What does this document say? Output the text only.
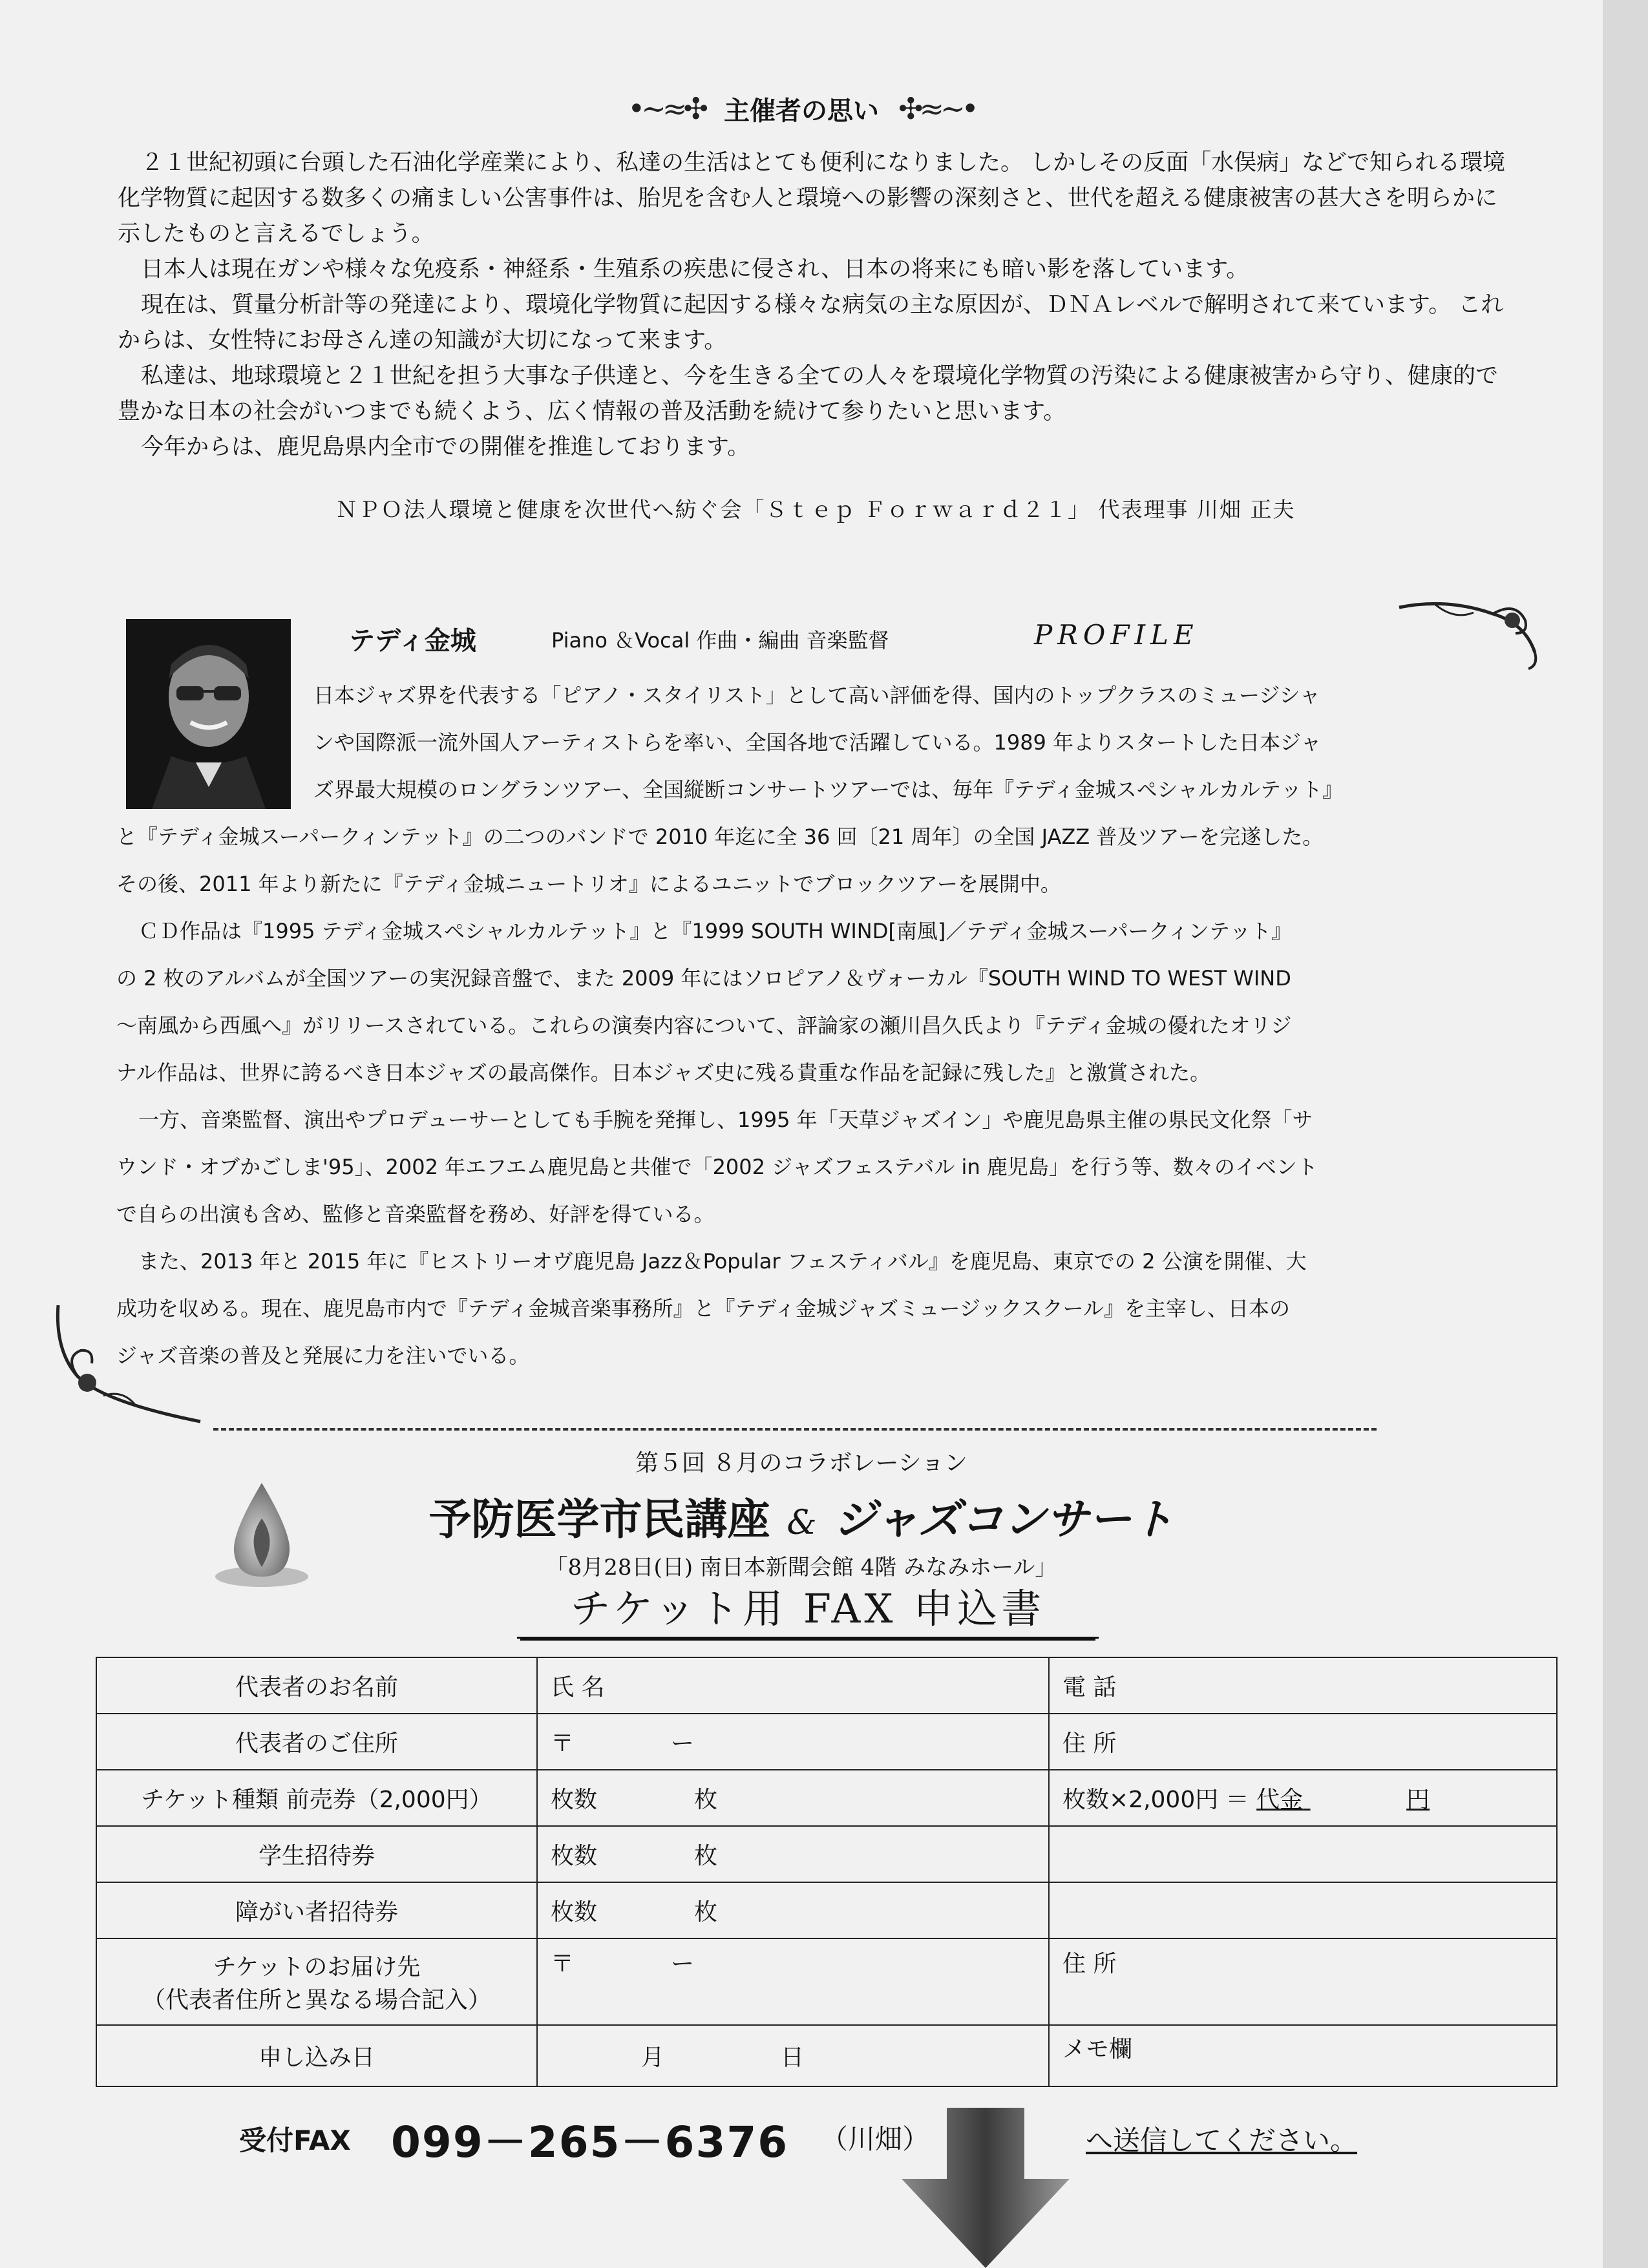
•~≈✣ 主催者の思い ✣≈~•

２１世紀初頭に台頭した石油化学産業により、私達の生活はとても便利になりました。 しかしその反面「水俣病」などで知られる環境化学物質に起因する数多くの痛ましい公害事件は、胎児を含む人と環境への影響の深刻さと、世代を超える健康被害の甚大さを明らかに示したものと言えるでしょう。

日本人は現在ガンや様々な免疫系・神経系・生殖系の疾患に侵され、日本の将来にも暗い影を落しています。

現在は、質量分析計等の発達により、環境化学物質に起因する様々な病気の主な原因が、ＤＮＡレベルで解明されて来ています。 これからは、女性特にお母さん達の知識が大切になって来ます。

私達は、地球環境と２１世紀を担う大事な子供達と、今を生きる全ての人々を環境化学物質の汚染による健康被害から守り、健康的で豊かな日本の社会がいつまでも続くよう、広く情報の普及活動を続けて参りたいと思います。

今年からは、鹿児島県内全市での開催を推進しております。

ＮＰＯ法人環境と健康を次世代へ紡ぐ会「Ｓｔｅｐ Ｆｏｒｗａｒｄ２１」 代表理事 川畑 正夫
テディ金城	Piano ＆Vocal 作曲・編曲 音楽監督	PROFILE

日本ジャズ界を代表する「ピアノ・スタイリスト」として高い評価を得、国内のトップクラスのミュージシャ

ンや国際派一流外国人アーティストらを率い、全国各地で活躍している。1989 年よりスタートした日本ジャ

ズ界最大規模のロングランツアー、全国縦断コンサートツアーでは、毎年『テディ金城スペシャルカルテット』

と『テディ金城スーパークィンテット』の二つのバンドで 2010 年迄に全 36 回〔21 周年〕の全国 JAZZ 普及ツアーを完遂した。

その後、2011 年より新たに『テディ金城ニュートリオ』によるユニットでブロックツアーを展開中。

ＣＤ作品は『1995 テディ金城スペシャルカルテット』と『1999 SOUTH WIND[南風]／テディ金城スーパークィンテット』

の 2 枚のアルバムが全国ツアーの実況録音盤で、また 2009 年にはソロピアノ＆ヴォーカル『SOUTH WIND TO WEST WIND

～南風から西風へ』がリリースされている。これらの演奏内容について、評論家の瀬川昌久氏より『テディ金城の優れたオリジ

ナル作品は、世界に誇るべき日本ジャズの最高傑作。日本ジャズ史に残る貴重な作品を記録に残した』と激賞された。

一方、音楽監督、演出やプロデューサーとしても手腕を発揮し、1995 年「天草ジャズイン」や鹿児島県主催の県民文化祭「サ

ウンド・オブかごしま'95」、2002 年エフエム鹿児島と共催で「2002 ジャズフェステバル in 鹿児島」を行う等、数々のイベント

で自らの出演も含め、監修と音楽監督を務め、好評を得ている。

また、2013 年と 2015 年に『ヒストリーオヴ鹿児島 Jazz＆Popular フェスティバル』を鹿児島、東京での 2 公演を開催、大

成功を収める。現在、鹿児島市内で『テディ金城音楽事務所』と『テディ金城ジャズミュージックスクール』を主宰し、日本の

ジャズ音楽の普及と発展に力を注いでいる。

第５回 ８月のコラボレーション
予防医学市民講座 & ジャズコンサート
「8月28日(日) 南日本新聞会館 4階 みなみホール」
チケット用 FAX 申込書
代表者のお名前	氏 名	電 話
代表者のご住所	〒 ー	住 所
チケット種類 前売券（2,000円）	枚数 枚	枚数×2,000円 ＝ 代金 円
学生招待券	枚数 枚	
障がい者招待券	枚数 枚	

チケットのお届け先
（代表者住所と異なる場合記入）	〒 ー	住 所
申し込み日	月 日	メモ欄
受付FAX 099－265－6376 （川畑）	へ送信してください。
